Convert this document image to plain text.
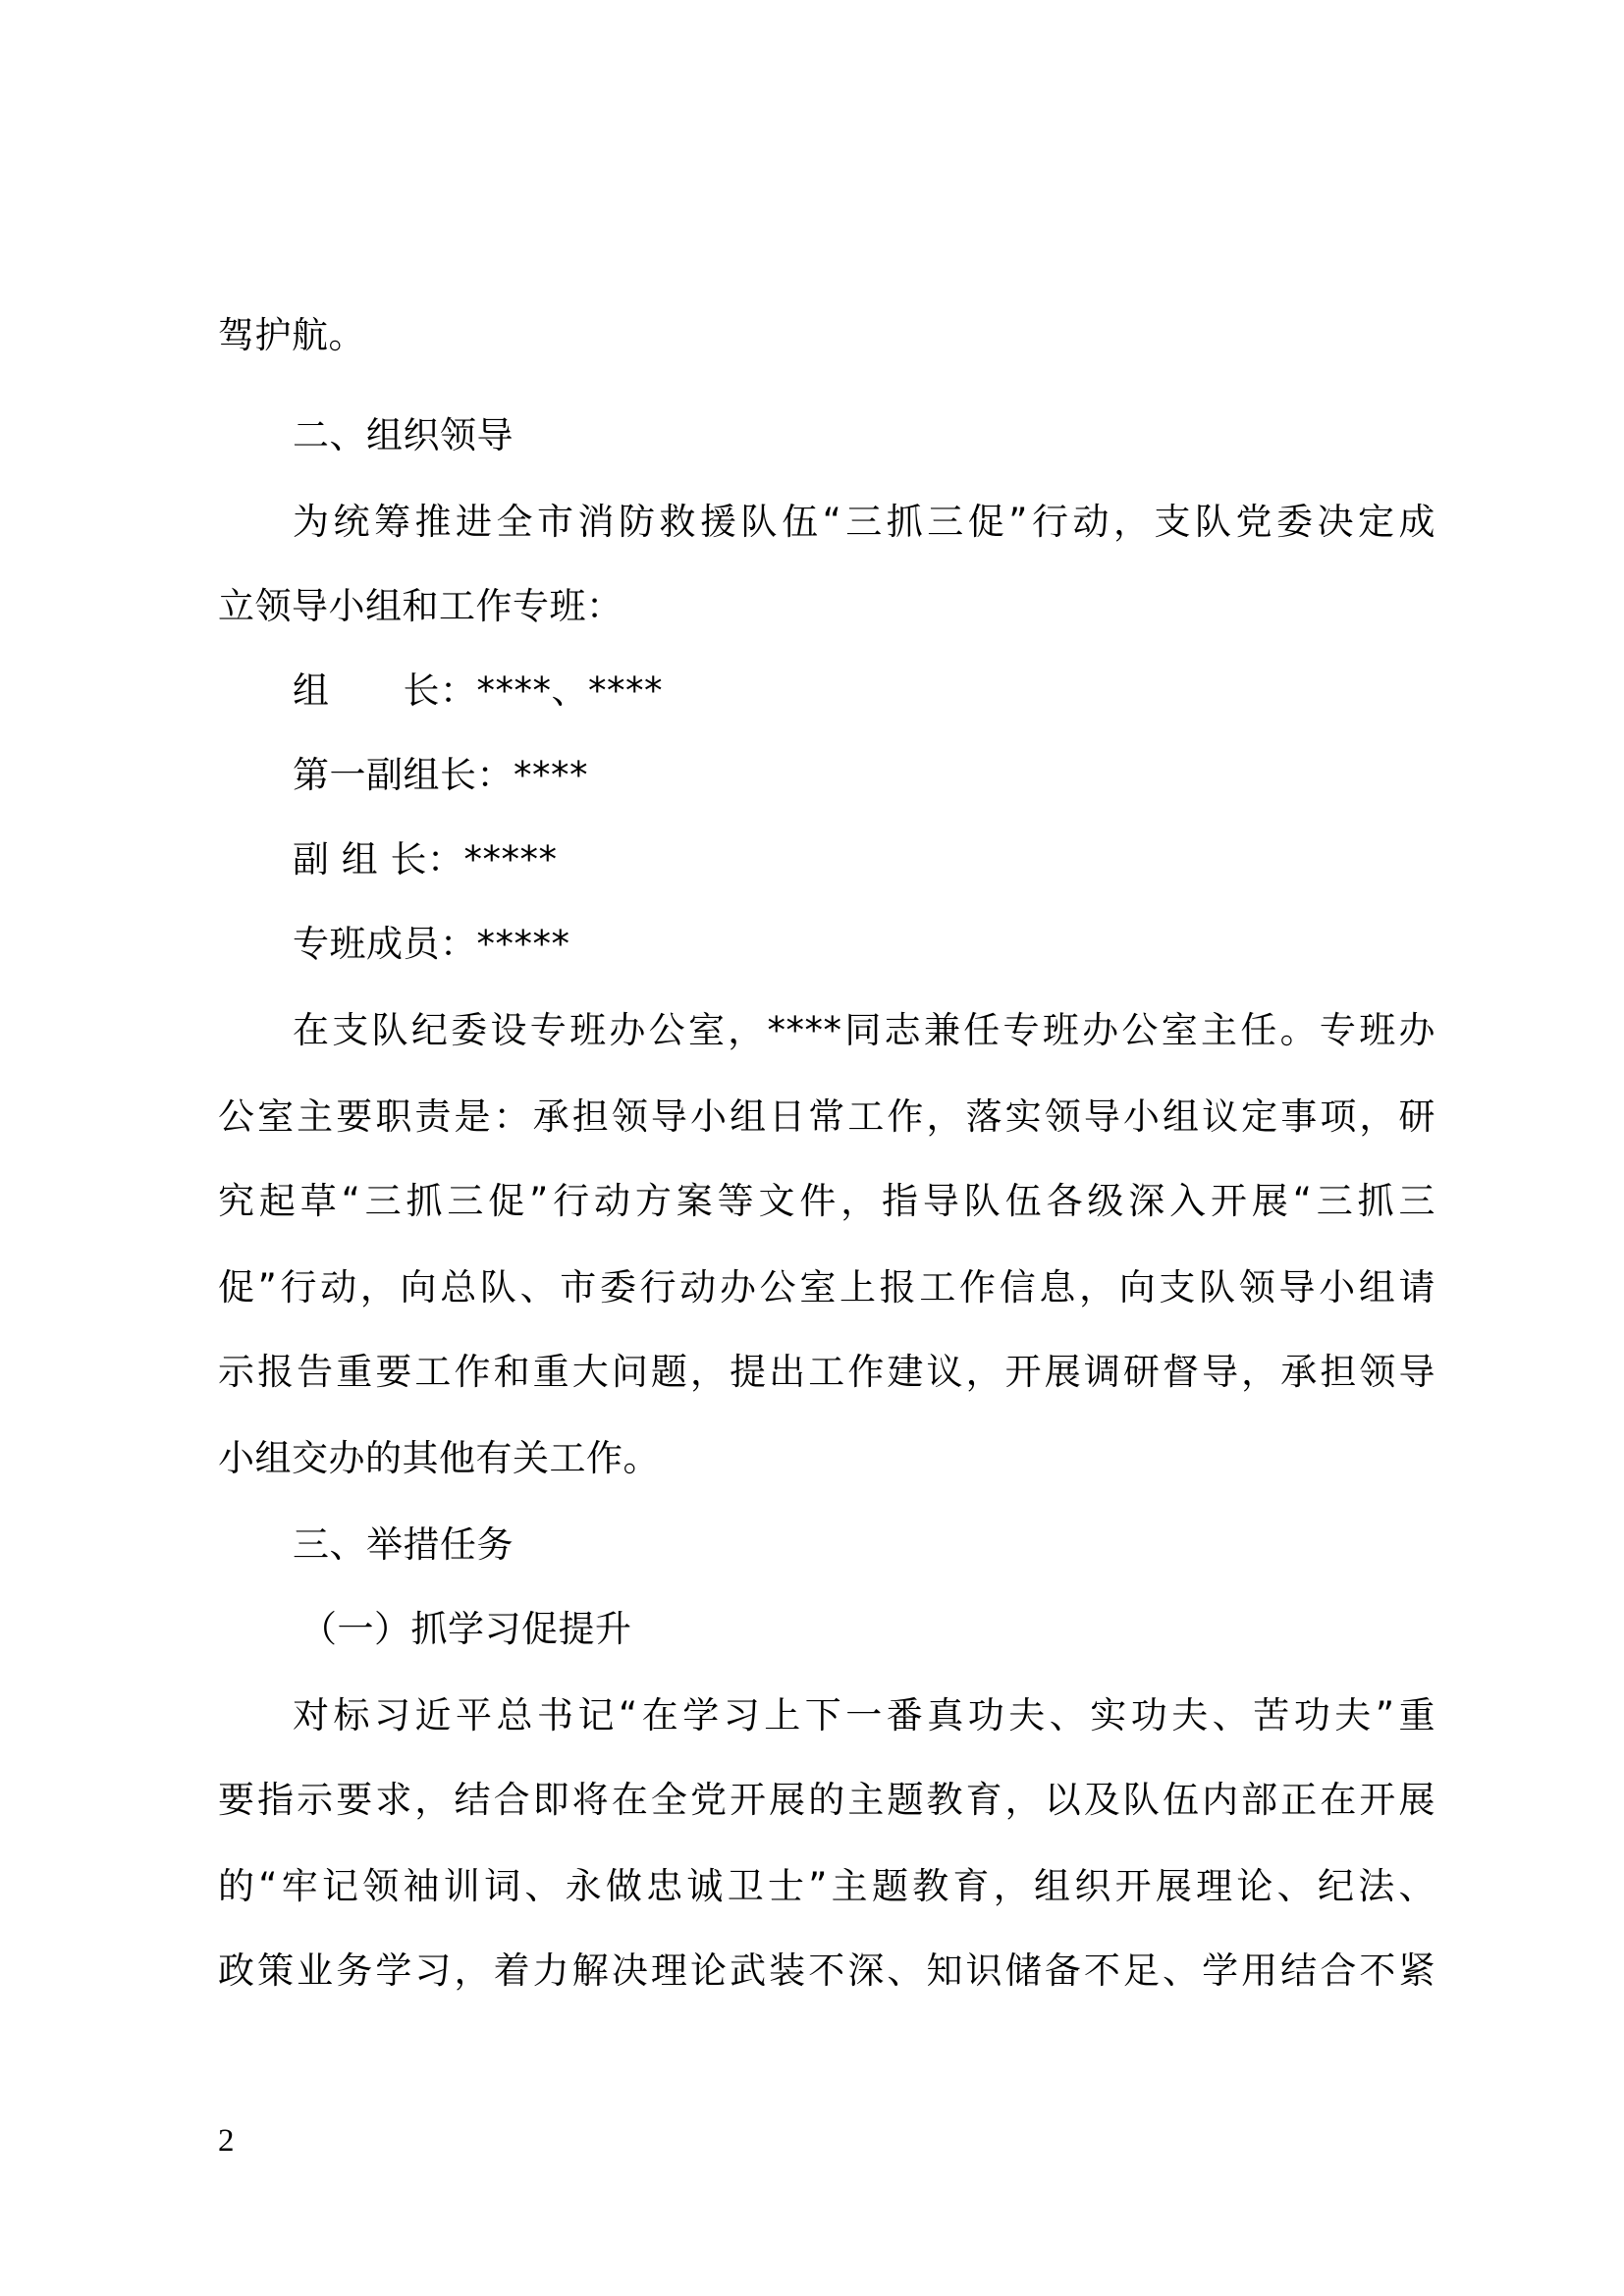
驾护航。
二、组织领导
为统筹推进全市消防救援队伍“三抓三促”行动，支队党委决定成
立领导小组和工作专班：
组　　长：****、****
第一副组长：****
副 组 长：*****
专班成员：*****
在支队纪委设专班办公室，****同志兼任专班办公室主任。专班办
公室主要职责是：承担领导小组日常工作，落实领导小组议定事项，研
究起草“三抓三促”行动方案等文件，指导队伍各级深入开展“三抓三
促”行动，向总队、市委行动办公室上报工作信息，向支队领导小组请
示报告重要工作和重大问题，提出工作建议，开展调研督导，承担领导
小组交办的其他有关工作。
三、举措任务
（一）抓学习促提升
对标习近平总书记“在学习上下一番真功夫、实功夫、苦功夫”重
要指示要求，结合即将在全党开展的主题教育，以及队伍内部正在开展
的“牢记领袖训词、永做忠诚卫士”主题教育，组织开展理论、纪法、
政策业务学习，着力解决理论武装不深、知识储备不足、学用结合不紧
2
